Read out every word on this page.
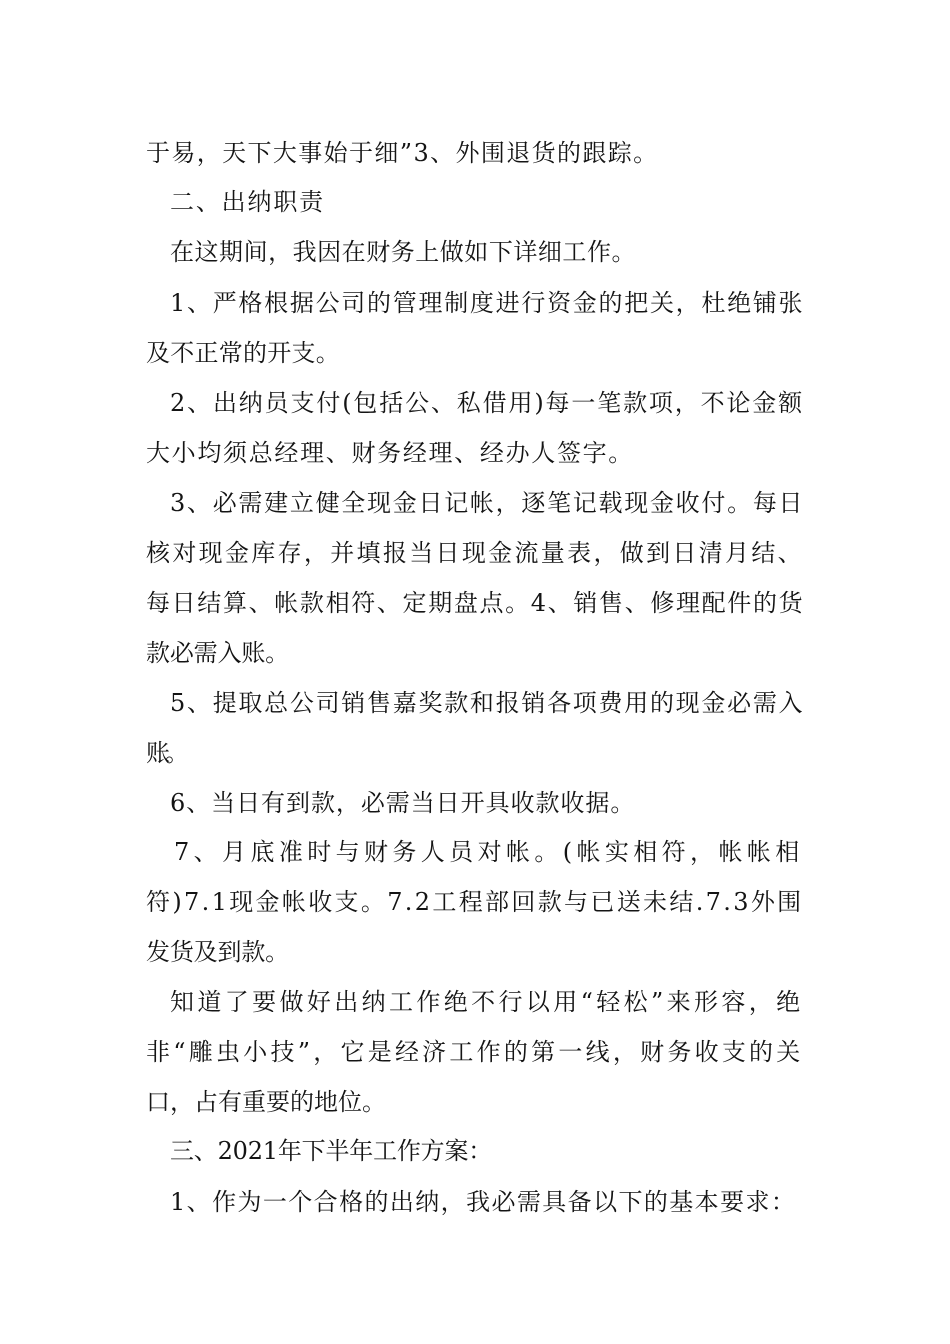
于易，天下大事始于细”3、外围退货的跟踪。
二、出纳职责
在这期间，我因在财务上做如下详细工作。
1、严格根据公司的管理制度进行资金的把关，杜绝铺张
及不正常的开支。
2、出纳员支付(包括公、私借用)每一笔款项，不论金额
大小均须总经理、财务经理、经办人签字。
3、必需建立健全现金日记帐，逐笔记载现金收付。每日
核对现金库存，并填报当日现金流量表，做到日清月结、
每日结算、帐款相符、定期盘点。4、销售、修理配件的货
款必需入账。
5、提取总公司销售嘉奖款和报销各项费用的现金必需入
账。
6、当日有到款，必需当日开具收款收据。
7、月底准时与财务人员对帐。(帐实相符，帐帐相
符)7.1现金帐收支。7.2工程部回款与已送未结.7.3外围
发货及到款。
知道了要做好出纳工作绝不行以用“轻松”来形容，绝
非“雕虫小技”，它是经济工作的第一线，财务收支的关
口，占有重要的地位。
三、2021年下半年工作方案：
1、作为一个合格的出纳，我必需具备以下的基本要求：
